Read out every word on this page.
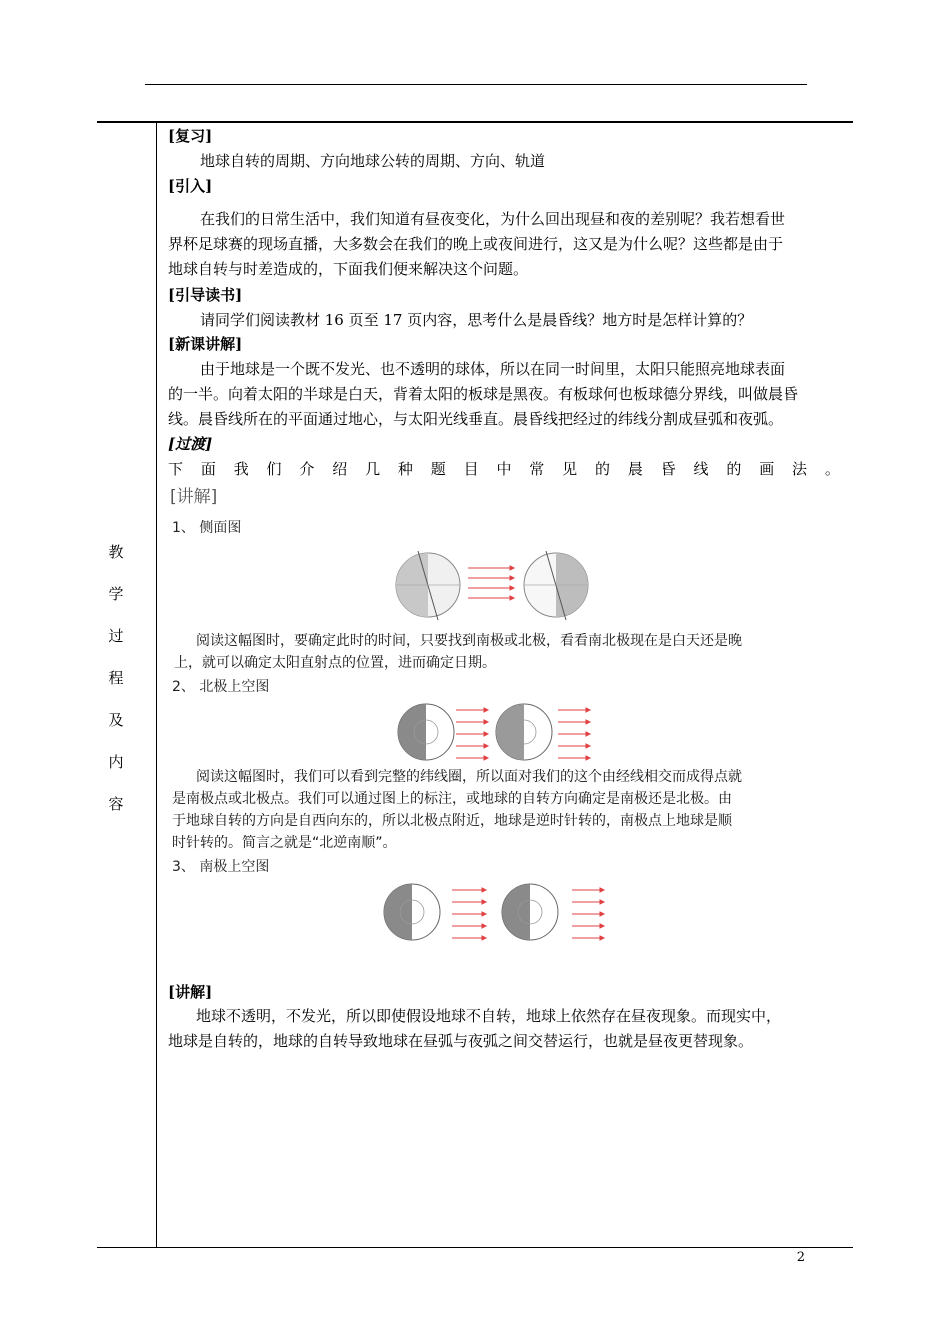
教
学
过
程
及
内
容
[复习]
地球自转的周期、方向地球公转的周期、方向、轨道
[引入]
在我们的日常生活中，我们知道有昼夜变化，为什么回出现昼和夜的差别呢？我若想看世
界杯足球赛的现场直播，大多数会在我们的晚上或夜间进行，这又是为什么呢？这些都是由于
地球自转与时差造成的，下面我们便来解决这个问题。
[引导读书]
请同学们阅读教材 16 页至 17 页内容，思考什么是晨昏线？地方时是怎样计算的？
[新课讲解]
由于地球是一个既不发光、也不透明的球体，所以在同一时间里，太阳只能照亮地球表面
的一半。向着太阳的半球是白天，背着太阳的板球是黑夜。有板球何也板球德分界线，叫做晨昏
线。晨昏线所在的平面通过地心，与太阳光线垂直。晨昏线把经过的纬线分割成昼弧和夜弧。
[过渡]
下 面 我 们 介 绍 几 种 题 目 中 常 见 的 晨 昏 线 的 画 法 。
[讲解]
1、 侧面图
阅读这幅图时，要确定此时的时间，只要找到南极或北极，看看南北极现在是白天还是晚
上，就可以确定太阳直射点的位置，进而确定日期。
2、 北极上空图
阅读这幅图时，我们可以看到完整的纬线圈，所以面对我们的这个由经线相交而成得点就
是南极点或北极点。我们可以通过图上的标注，或地球的自转方向确定是南极还是北极。由
于地球自转的方向是自西向东的，所以北极点附近，地球是逆时针转的，南极点上地球是顺
时针转的。简言之就是“北逆南顺”。
3、 南极上空图
[讲解]
地球不透明，不发光，所以即使假设地球不自转，地球上依然存在昼夜现象。而现实中，
地球是自转的，地球的自转导致地球在昼弧与夜弧之间交替运行，也就是昼夜更替现象。
2
